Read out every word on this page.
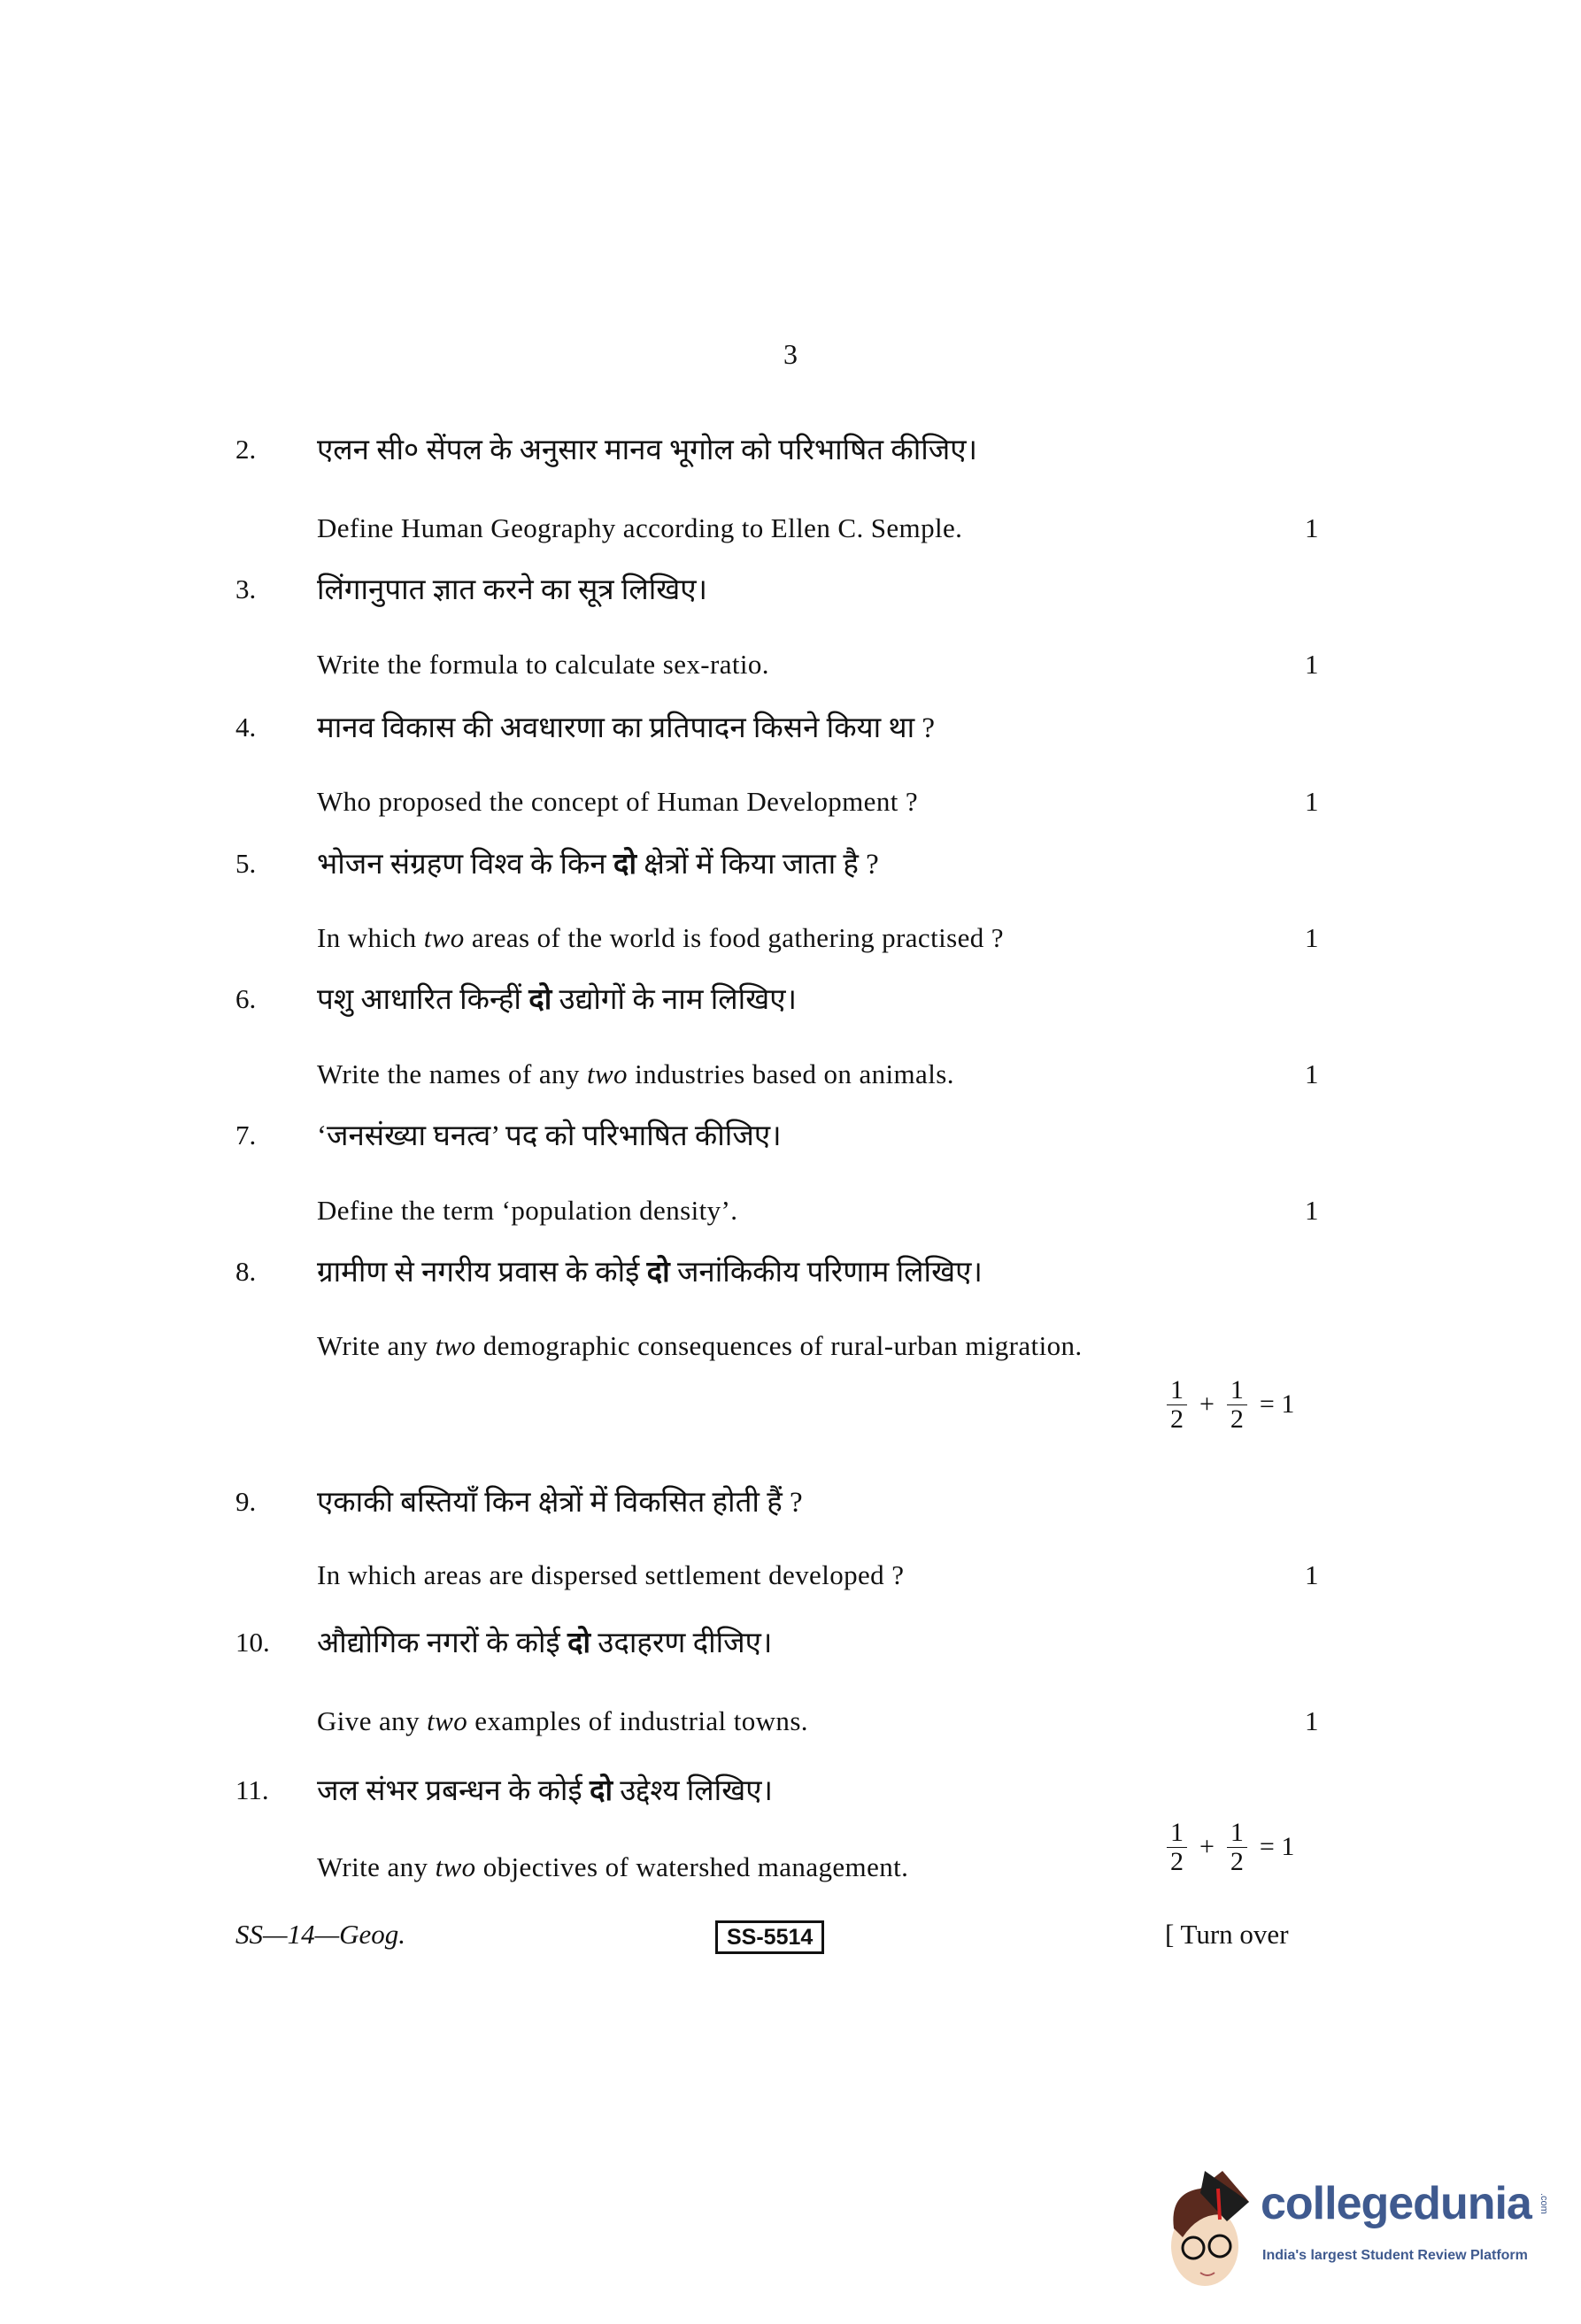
3
2. एलन सी० सेंपल के अनुसार मानव भूगोल को परिभाषित कीजिए।
Define Human Geography according to Ellen C. Semple.	1
3. लिंगानुपात ज्ञात करने का सूत्र लिखिए।
Write the formula to calculate sex-ratio.	1
4. मानव विकास की अवधारणा का प्रतिपादन किसने किया था ?
Who proposed the concept of Human Development ?	1
5. भोजन संग्रहण विश्व के किन दो क्षेत्रों में किया जाता है ?
In which two areas of the world is food gathering practised ?	1
6. पशु आधारित किन्हीं दो उद्योगों के नाम लिखिए।
Write the names of any two industries based on animals.	1
7. ‘जनसंख्या घनत्व’ पद को परिभाषित कीजिए।
Define the term ‘population density’.	1
8. ग्रामीण से नगरीय प्रवास के कोई दो जनांकिकीय परिणाम लिखिए।
Write any two demographic consequences of rural-urban migration.
$\frac{1}{2} + \frac{1}{2} = 1$
9. एकाकी बस्तियाँ किन क्षेत्रों में विकसित होती हैं ?
In which areas are dispersed settlement developed ?	1
10. औद्योगिक नगरों के कोई दो उदाहरण दीजिए।
Give any two examples of industrial towns.	1
11. जल संभर प्रबन्धन के कोई दो उद्देश्य लिखिए।
Write any two objectives of watershed management.	$\frac{1}{2} + \frac{1}{2} = 1$
SS—14—Geog.	SS-5514	[ Turn over
collegedunia .com
India's largest Student Review Platform
